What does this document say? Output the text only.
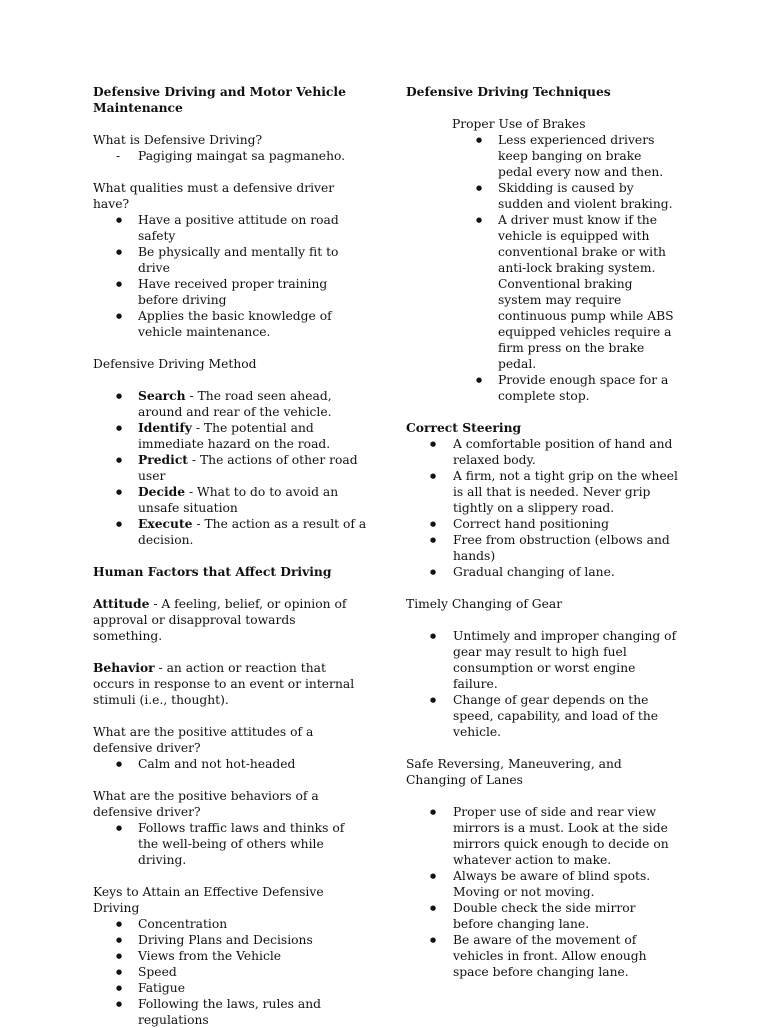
Defensive Driving and Motor Vehicle Maintenance

What is Defensive Driving?

- Pagiging maingat sa pagmaneho.

What qualities must a defensive driver have?

● Have a positive attitude on road safety
● Be physically and mentally fit to drive
● Have received proper training before driving
● Applies the basic knowledge of vehicle maintenance.

Defensive Driving Method

● Search - The road seen ahead, around and rear of the vehicle.
● Identify - The potential and immediate hazard on the road.
● Predict - The actions of other road user
● Decide - What to do to avoid an unsafe situation
● Execute - The action as a result of a decision.

Human Factors that Affect Driving

Attitude - A feeling, belief, or opinion of approval or disapproval towards something.

Behavior - an action or reaction that occurs in response to an event or internal stimuli (i.e., thought).

What are the positive attitudes of a defensive driver?

● Calm and not hot-headed

What are the positive behaviors of a defensive driver?

● Follows traffic laws and thinks of the well-being of others while driving.

Keys to Attain an Effective Defensive Driving

● Concentration
● Driving Plans and Decisions
● Views from the Vehicle
● Speed
● Fatigue
● Following the laws, rules and regulations

Defensive Driving Techniques

Proper Use of Brakes

● Less experienced drivers keep banging on brake pedal every now and then.
● Skidding is caused by sudden and violent braking.
● A driver must know if the vehicle is equipped with conventional brake or with anti-lock braking system. Conventional braking system may require continuous pump while ABS equipped vehicles require a firm press on the brake pedal.
● Provide enough space for a complete stop.

Correct Steering

● A comfortable position of hand and relaxed body.
● A firm, not a tight grip on the wheel is all that is needed. Never grip tightly on a slippery road.
● Correct hand positioning
● Free from obstruction (elbows and hands)
● Gradual changing of lane.

Timely Changing of Gear

● Untimely and improper changing of gear may result to high fuel consumption or worst engine failure.
● Change of gear depends on the speed, capability, and load of the vehicle.

Safe Reversing, Maneuvering, and Changing of Lanes

● Proper use of side and rear view mirrors is a must. Look at the side mirrors quick enough to decide on whatever action to make.
● Always be aware of blind spots. Moving or not moving.
● Double check the side mirror before changing lane.
● Be aware of the movement of vehicles in front. Allow enough space before changing lane.
